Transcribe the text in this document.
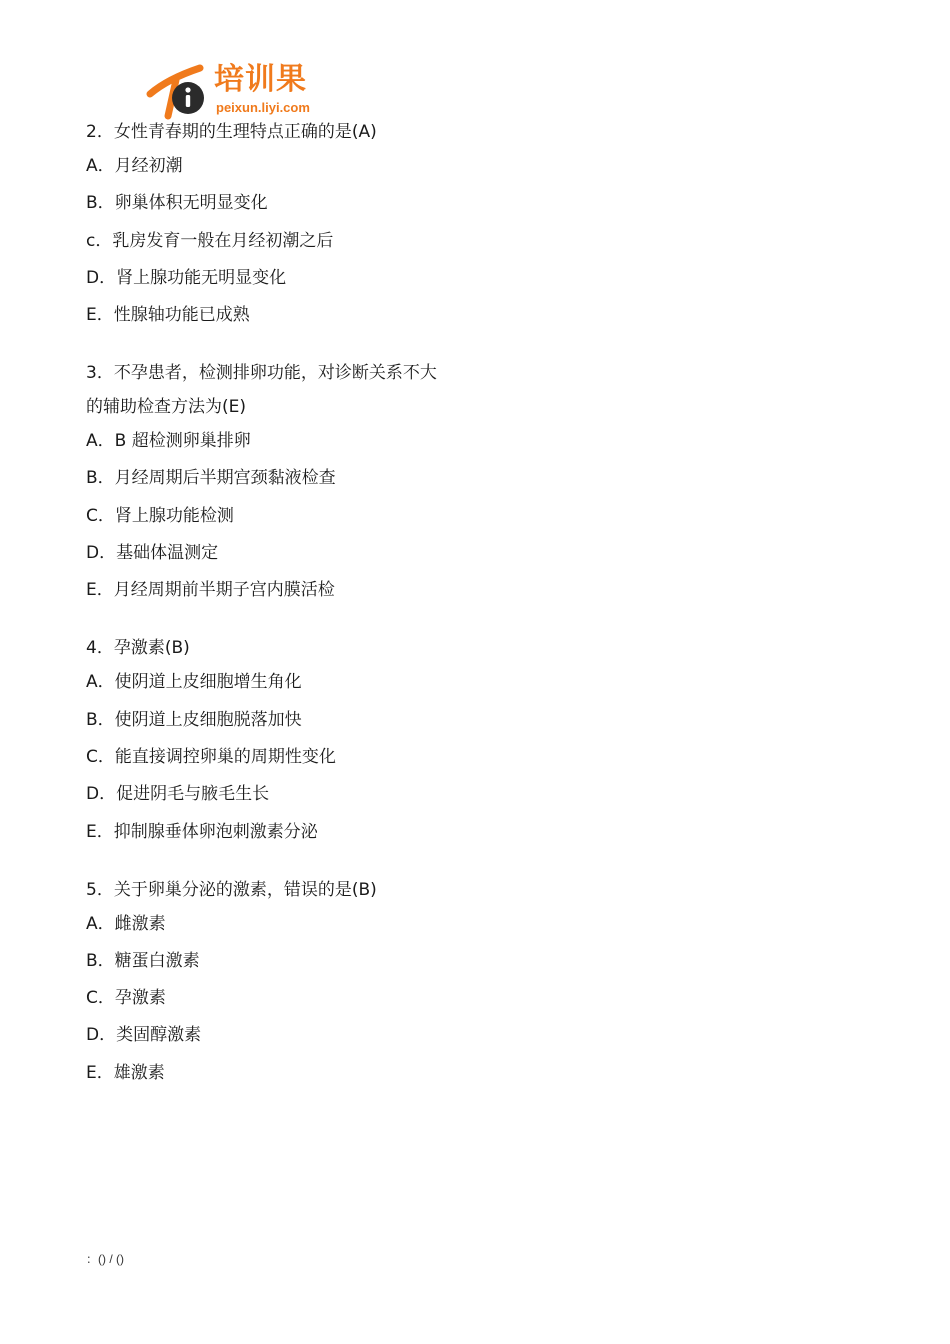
培训果
peixun.liyi.com
2．女性青春期的生理特点正确的是(A)
A．月经初潮
B．卵巢体积无明显变化
c．乳房发育一般在月经初潮之后
D．肾上腺功能无明显变化
E．性腺轴功能已成熟
3．不孕患者，检测排卵功能，对诊断关系不大
的辅助检查方法为(E)
A．B 超检测卵巢排卵
B．月经周期后半期宫颈黏液检查
C．肾上腺功能检测
D．基础体温测定
E．月经周期前半期子宫内膜活检
4．孕激素(B)
A．使阴道上皮细胞增生角化
B．使阴道上皮细胞脱落加快
C．能直接调控卵巢的周期性变化
D．促进阴毛与腋毛生长
E．抑制腺垂体卵泡刺激素分泌
5．关于卵巢分泌的激素，错误的是(B)
A．雌激素
B．糖蛋白激素
C．孕激素
D．类固醇激素
E．雄激素
：() / ()
